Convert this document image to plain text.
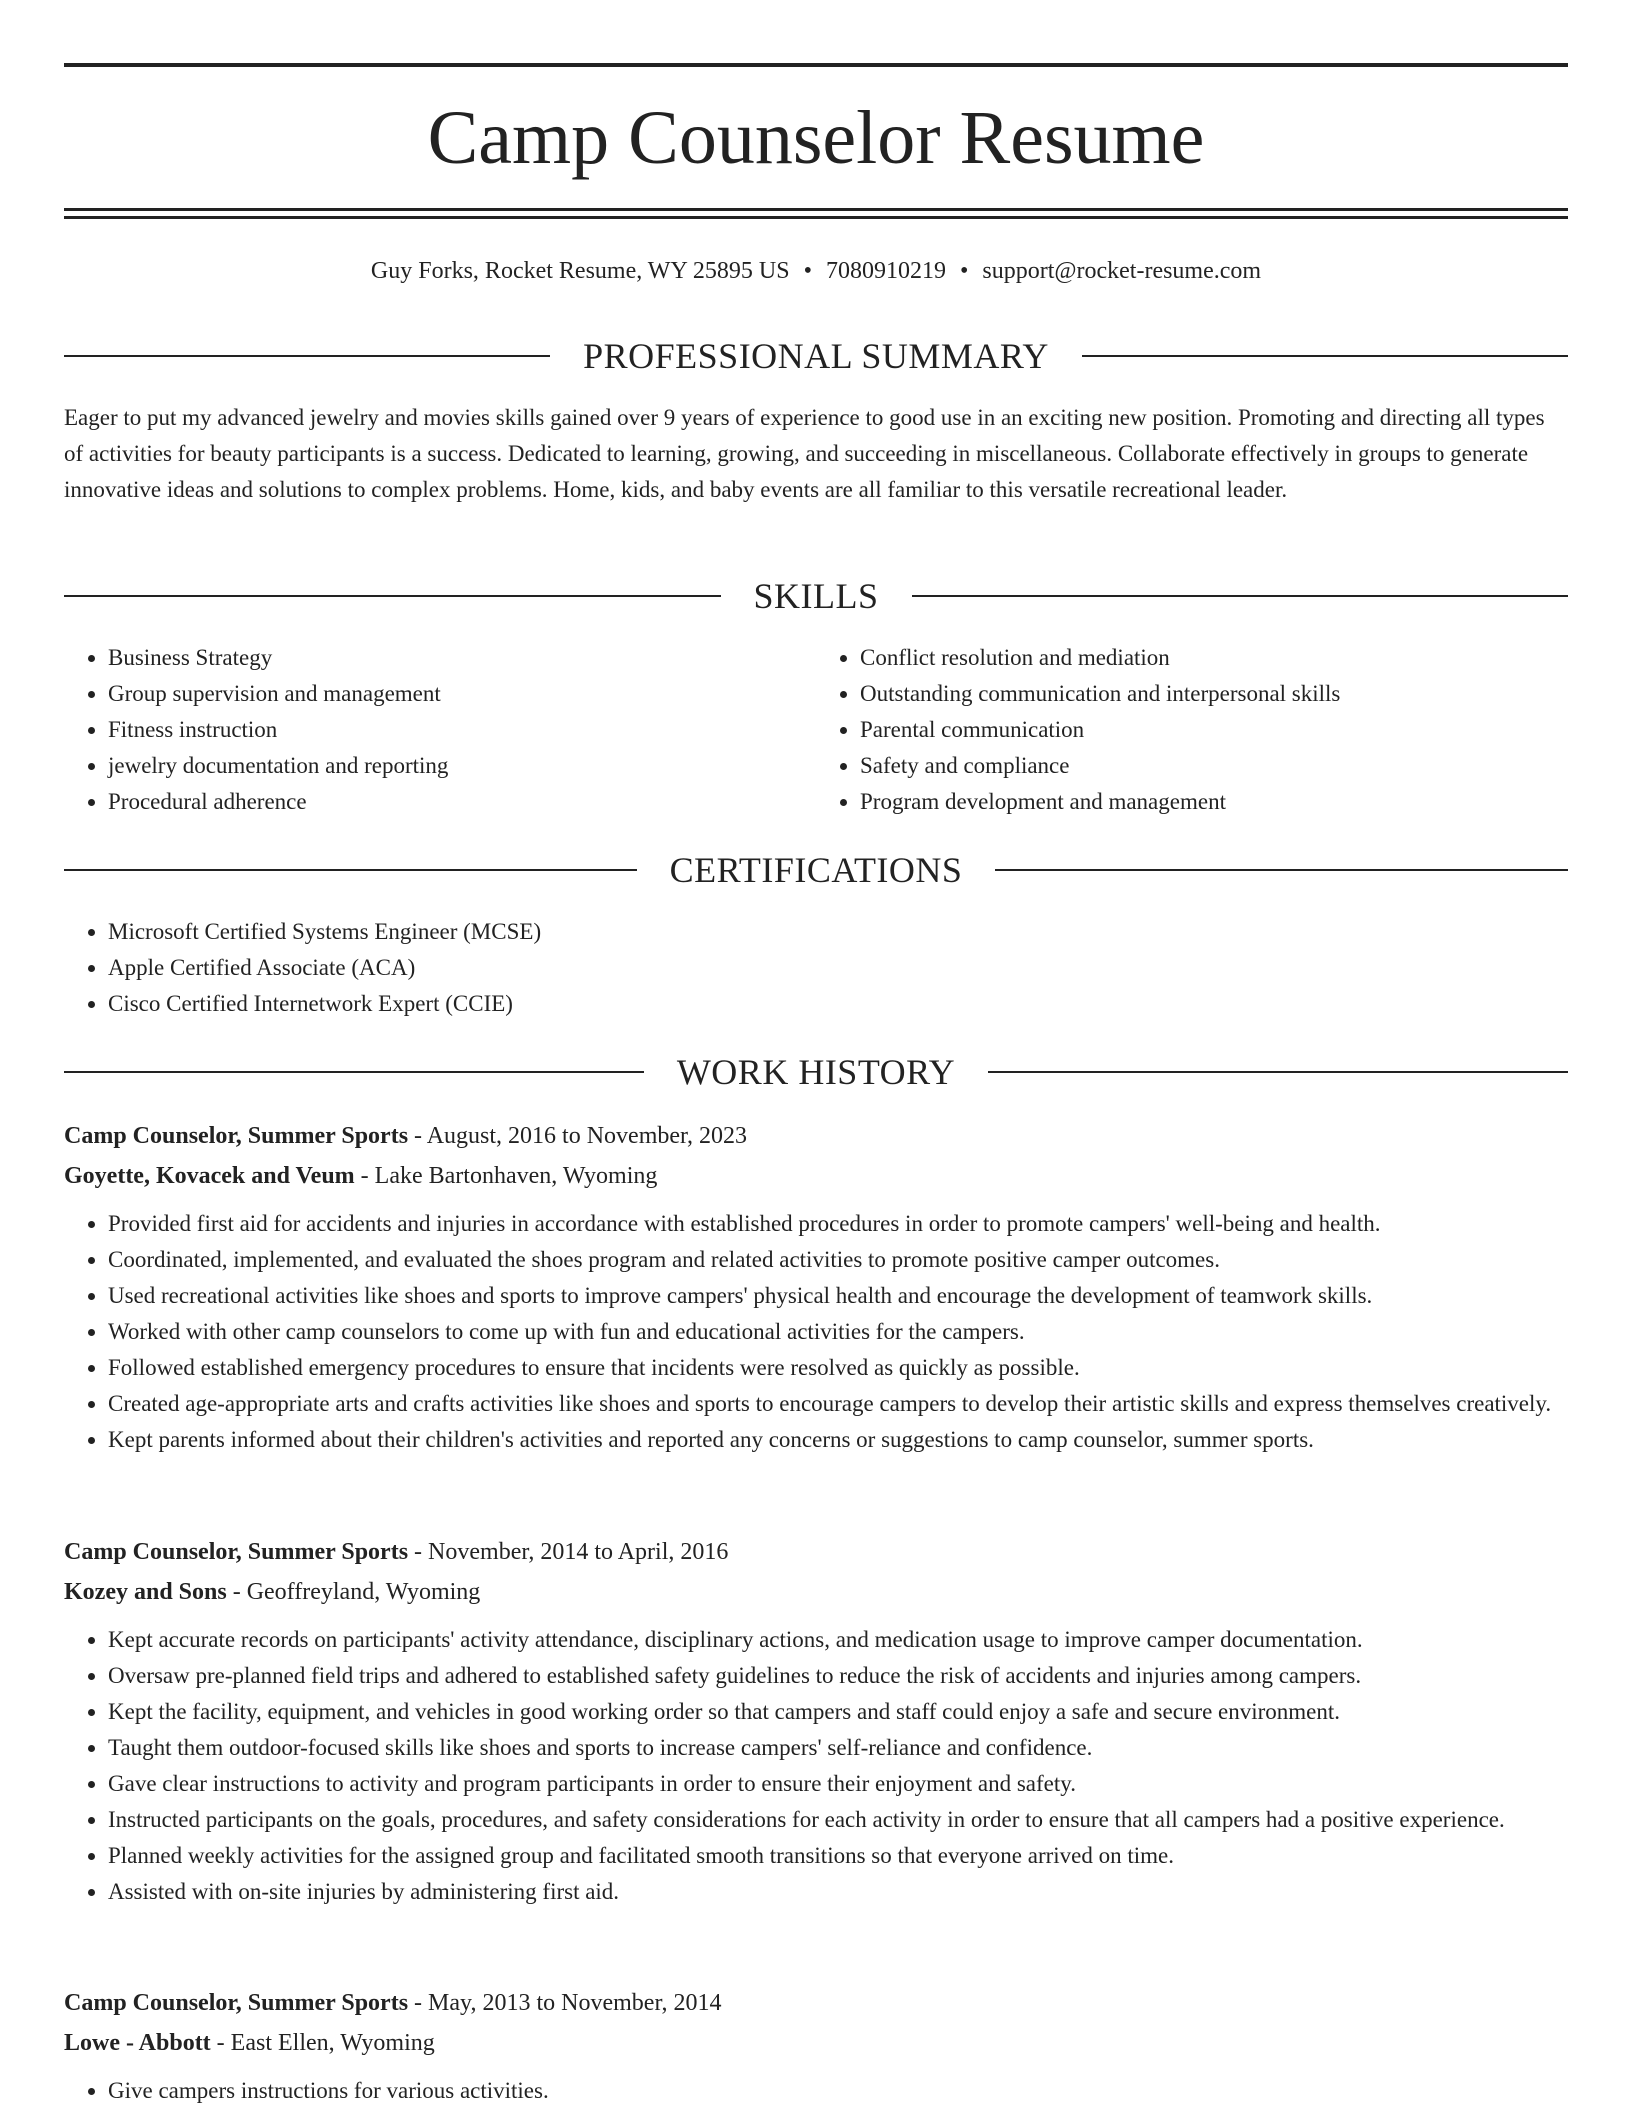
Camp Counselor Resume
Guy Forks, Rocket Resume, WY 25895 US • 7080910219 • support@rocket-resume.com
PROFESSIONAL SUMMARY

Eager to put my advanced jewelry and movies skills gained over 9 years of experience to good use in an exciting new position. Promoting and directing all types of activities for beauty participants is a success. Dedicated to learning, growing, and succeeding in miscellaneous. Collaborate effectively in groups to generate innovative ideas and solutions to complex problems. Home, kids, and baby events are all familiar to this versatile recreational leader.

SKILLS
• Business Strategy
• Group supervision and management
• Fitness instruction
• jewelry documentation and reporting
• Procedural adherence
• Conflict resolution and mediation
• Outstanding communication and interpersonal skills
• Parental communication
• Safety and compliance
• Program development and management
CERTIFICATIONS
• Microsoft Certified Systems Engineer (MCSE)
• Apple Certified Associate (ACA)
• Cisco Certified Internetwork Expert (CCIE)
WORK HISTORY
Camp Counselor, Summer Sports - August, 2016 to November, 2023
Goyette, Kovacek and Veum - Lake Bartonhaven, Wyoming
• Provided first aid for accidents and injuries in accordance with established procedures in order to promote campers' well-being and health.
• Coordinated, implemented, and evaluated the shoes program and related activities to promote positive camper outcomes.
• Used recreational activities like shoes and sports to improve campers' physical health and encourage the development of teamwork skills.
• Worked with other camp counselors to come up with fun and educational activities for the campers.
• Followed established emergency procedures to ensure that incidents were resolved as quickly as possible.
• Created age-appropriate arts and crafts activities like shoes and sports to encourage campers to develop their artistic skills and express themselves creatively.
• Kept parents informed about their children's activities and reported any concerns or suggestions to camp counselor, summer sports.
Camp Counselor, Summer Sports - November, 2014 to April, 2016
Kozey and Sons - Geoffreyland, Wyoming
• Kept accurate records on participants' activity attendance, disciplinary actions, and medication usage to improve camper documentation.
• Oversaw pre-planned field trips and adhered to established safety guidelines to reduce the risk of accidents and injuries among campers.
• Kept the facility, equipment, and vehicles in good working order so that campers and staff could enjoy a safe and secure environment.
• Taught them outdoor-focused skills like shoes and sports to increase campers' self-reliance and confidence.
• Gave clear instructions to activity and program participants in order to ensure their enjoyment and safety.
• Instructed participants on the goals, procedures, and safety considerations for each activity in order to ensure that all campers had a positive experience.
• Planned weekly activities for the assigned group and facilitated smooth transitions so that everyone arrived on time.
• Assisted with on-site injuries by administering first aid.
Camp Counselor, Summer Sports - May, 2013 to November, 2014
Lowe - Abbott - East Ellen, Wyoming
• Give campers instructions for various activities.
